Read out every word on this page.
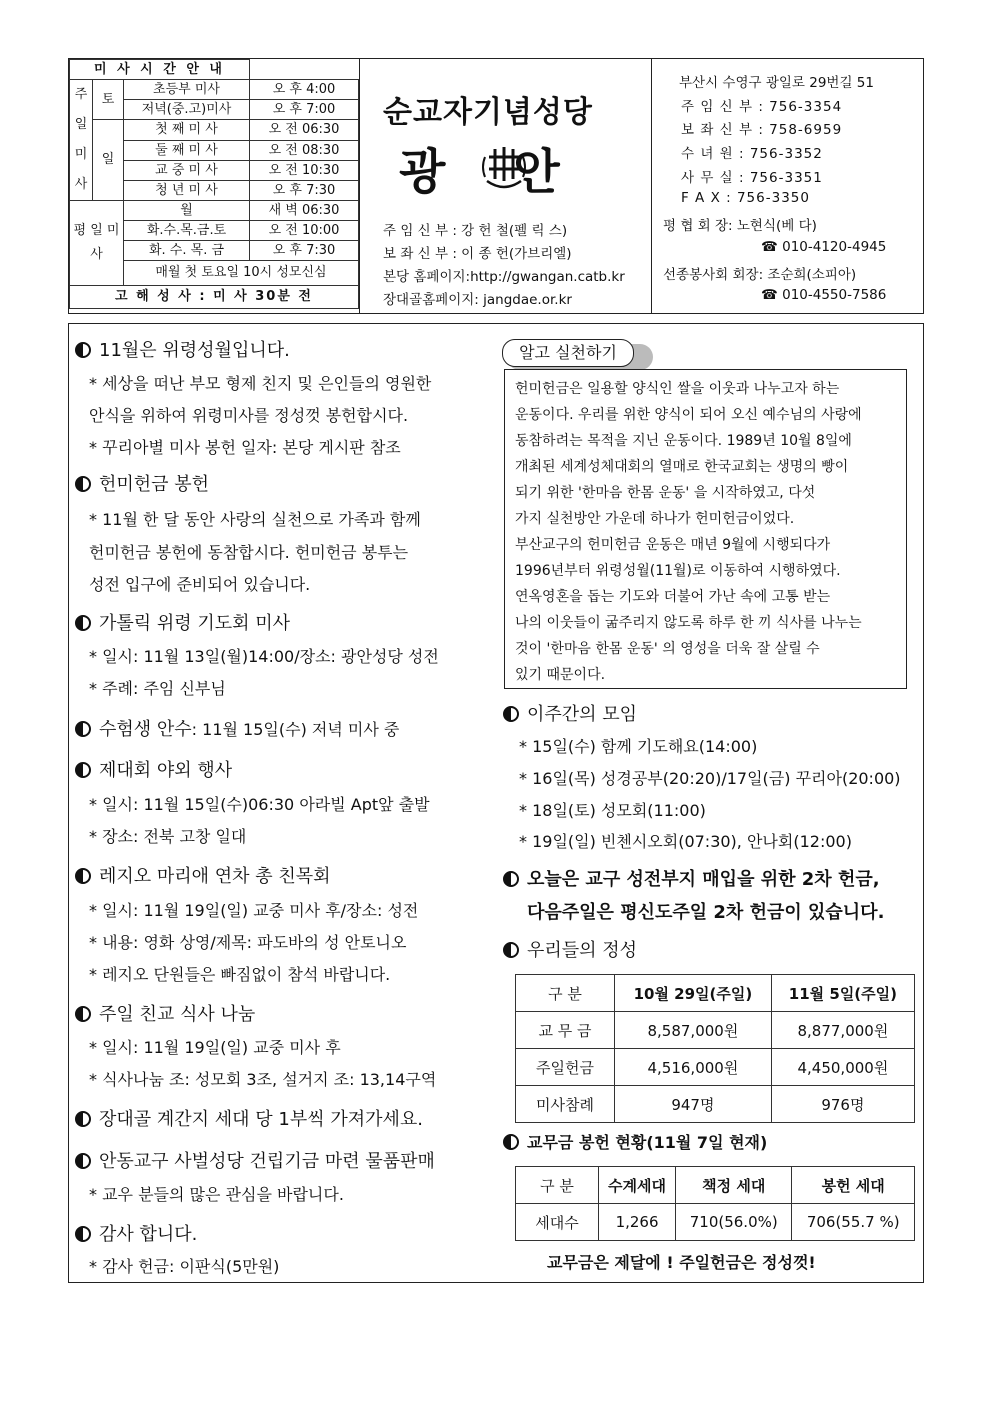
미 사 시 간 안 내			
주 일 미 사	토	초등부 미사	오 후 4:00
		저녁(중.고)미사	오 후 7:00
	일	첫 째 미 사	오 전 06:30
		둘 째 미 사	오 전 08:30
		교 중 미 사	오 전 10:30
		청 년 미 사	오 후 7:30
평 일 미 사		월	새 벽 06:30
		화.수.목.금.토	오 전 10:00
		화. 수. 목. 금	오 후 7:30
		매월 첫 토요일 10시 성모신심	
고 해 성 사 : 미 사 30분 전			
순교자기념성당
광 안
주 임 신 부 : 강 헌 철(펠 릭 스)
보 좌 신 부 : 이 종 헌(가브리엘)
본당 홈페이지:http://gwangan.catb.kr
장대골홈페이지: jangdae.or.kr
부산시 수영구 광일로 29번길 51
주 임 신 부 : 756-3354
보 좌 신 부 : 758-6959
수 녀 원 : 756-3352
사 무 실 : 756-3351
F A X : 756-3350
평 협 회 장: 노현식(베 다)
☎ 010-4120-4945
선종봉사회 회장: 조순희(소피아)
☎ 010-4550-7586
11월은 위령성월입니다.
* 세상을 떠난 부모 형제 친지 및 은인들의 영원한
안식을 위하여 위령미사를 정성껏 봉헌합시다.
* 꾸리아별 미사 봉헌 일자: 본당 게시판 참조
헌미헌금 봉헌
* 11월 한 달 동안 사랑의 실천으로 가족과 함께
헌미헌금 봉헌에 동참합시다. 헌미헌금 봉투는
성전 입구에 준비되어 있습니다.
가톨릭 위령 기도회 미사
* 일시: 11월 13일(월)14:00/장소: 광안성당 성전
* 주례: 주임 신부님
수험생 안수: 11월 15일(수) 저녁 미사 중
제대회 야외 행사
* 일시: 11월 15일(수)06:30 아라빌 Apt앞 출발
* 장소: 전북 고창 일대
레지오 마리애 연차 총 친목회
* 일시: 11월 19일(일) 교중 미사 후/장소: 성전
* 내용: 영화 상영/제목: 파도바의 성 안토니오
* 레지오 단원들은 빠짐없이 참석 바랍니다.
주일 친교 식사 나눔
* 일시: 11월 19일(일) 교중 미사 후
* 식사나눔 조: 성모회 3조, 설거지 조: 13,14구역
장대골 계간지 세대 당 1부씩 가져가세요.
안동교구 사벌성당 건립기금 마련 물품판매
* 교우 분들의 많은 관심을 바랍니다.
감사 합니다.
* 감사 헌금: 이판식(5만원)
알고 실천하기
헌미헌금은 일용할 양식인 쌀을 이웃과 나누고자 하는
운동이다. 우리를 위한 양식이 되어 오신 예수님의 사랑에
동참하려는 목적을 지닌 운동이다. 1989년 10월 8일에
개최된 세계성체대회의 열매로 한국교회는 생명의 빵이
되기 위한 '한마음 한몸 운동' 을 시작하였고, 다섯
가지 실천방안 가운데 하나가 헌미헌금이었다.
부산교구의 헌미헌금 운동은 매년 9월에 시행되다가
1996년부터 위령성월(11월)로 이동하여 시행하였다.
연옥영혼을 돕는 기도와 더불어 가난 속에 고통 받는
나의 이웃들이 굶주리지 않도록 하루 한 끼 식사를 나누는
것이 '한마음 한몸 운동' 의 영성을 더욱 잘 살릴 수
있기 때문이다.
이주간의 모임
* 15일(수) 함께 기도해요(14:00)
* 16일(목) 성경공부(20:20)/17일(금) 꾸리아(20:00)
* 18일(토) 성모회(11:00)
* 19일(일) 빈첸시오회(07:30), 안나회(12:00)
오늘은 교구 성전부지 매입을 위한 2차 헌금,
다음주일은 평신도주일 2차 헌금이 있습니다.
우리들의 정성
구 분	10월 29일(주일)	11월 5일(주일)
교 무 금	8,587,000원	8,877,000원
주일헌금	4,516,000원	4,450,000원
미사참례	947명	976명
교무금 봉헌 현황(11월 7일 현재)
구 분	수계세대	책정 세대	봉헌 세대
세대수	1,266	710(56.0%)	706(55.7 %)
교무금은 제달에 ! 주일헌금은 정성껏!
